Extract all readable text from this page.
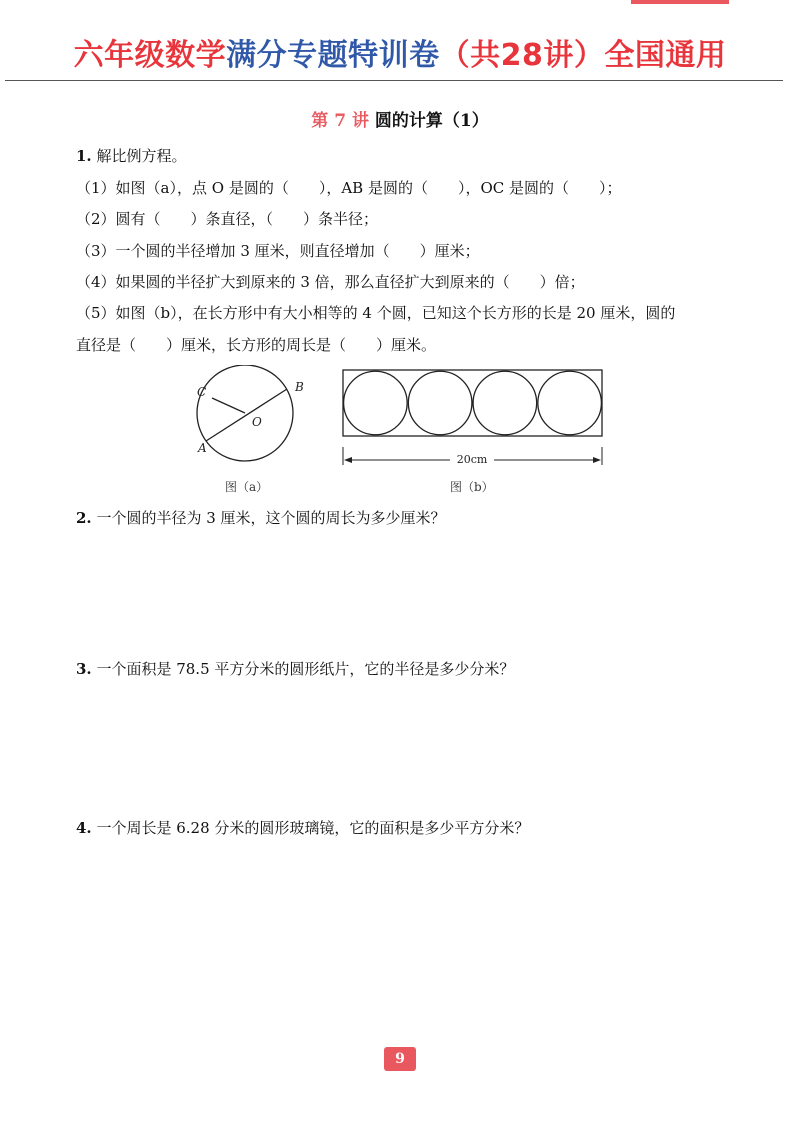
六年级数学满分专题特训卷（共28讲）全国通用
第 7 讲 圆的计算（1）
1. 解比例方程。
（1）如图（a），点 O 是圆的（　　），AB 是圆的（　　），OC 是圆的（　　）；
（2）圆有（　　）条直径，（　　）条半径；
（3）一个圆的半径增加 3 厘米，则直径增加（　　）厘米；
（4）如果圆的半径扩大到原来的 3 倍，那么直径扩大到原来的（　　）倍；
（5）如图（b），在长方形中有大小相等的 4 个圆，已知这个长方形的长是 20 厘米，圆的
直径是（　　）厘米，长方形的周长是（　　）厘米。
C	B
O
A
20cm
图（a）	图（b）
2. 一个圆的半径为 3 厘米，这个圆的周长为多少厘米？
3. 一个面积是 78.5 平方分米的圆形纸片，它的半径是多少分米？
4. 一个周长是 6.28 分米的圆形玻璃镜，它的面积是多少平方分米？
9
